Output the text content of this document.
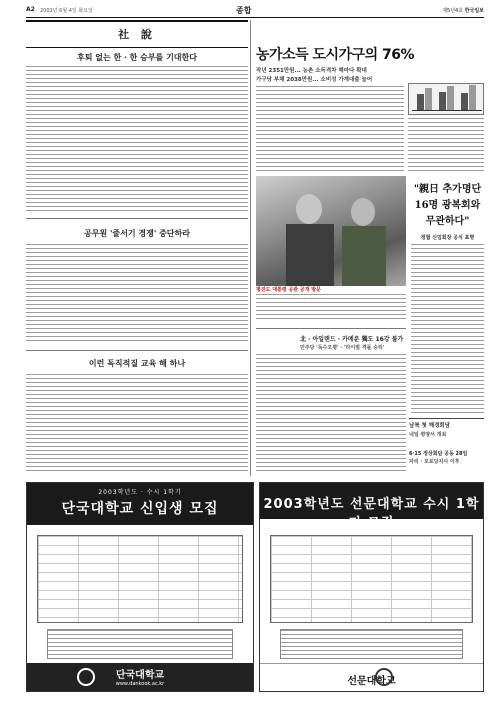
A2 2002년 6월 4일 화요일	종합	제5년4호 한국일보
社 說
후퇴 없는 한 · 한 승부를 기대한다
공무원 '줄서기 경쟁' 중단하라
이런 독직적질 교육 해 하나
농가소득 도시가구의 76%
작년 2351만원... 농촌 소득격차 해마다 확대
가구당 부채 2038만원... 소비성 가계대출 늘어
평진도 대통령 공관 공개 방문
"親日 추가명단 16명 광복회와 무관하다"
정협 신임회장 공식 표명
北 · 아일랜드 · 카메룬 獨도 16강 불가
민주당 '독수오평' · '라이벌 격돌 승리'
남북 첫 해경회담
내일 평양서 개최
6·15 정상회담 공동 28일
자리 · 포로당지사 이후
2003학년도 · 수시 1학기
단국대학교 신입생 모집
단국대학교
www.dankook.ac.kr
2003학년도 선문대학교 수시 1학기 모집
선문대학교
